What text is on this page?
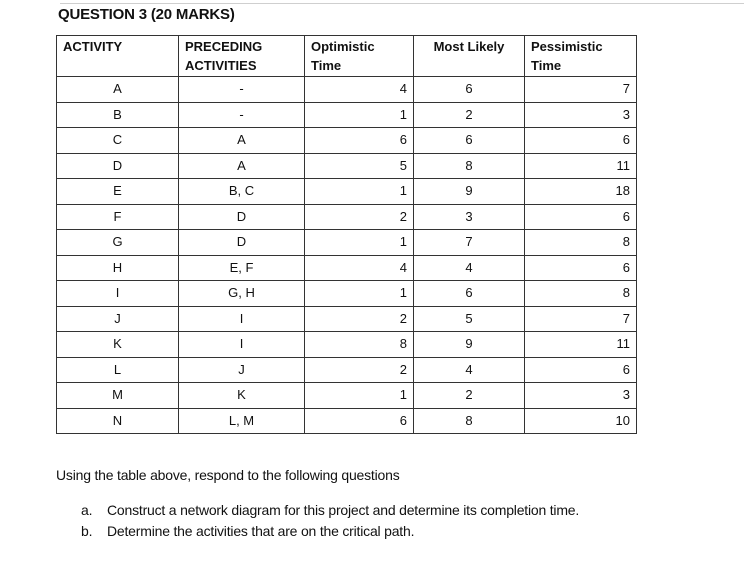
QUESTION 3 (20 MARKS)
ACTIVITY	PRECEDING ACTIVITIES	Optimistic Time	Most Likely	Pessimistic Time
A	-	4	6	7
B	-	1	2	3
C	A	6	6	6
D	A	5	8	11
E	B, C	1	9	18
F	D	2	3	6
G	D	1	7	8
H	E, F	4	4	6
I	G, H	1	6	8
J	I	2	5	7
K	I	8	9	11
L	J	2	4	6
M	K	1	2	3
N	L, M	6	8	10
Using the table above, respond to the following questions
a. Construct a network diagram for this project and determine its completion time.
b. Determine the activities that are on the critical path.
